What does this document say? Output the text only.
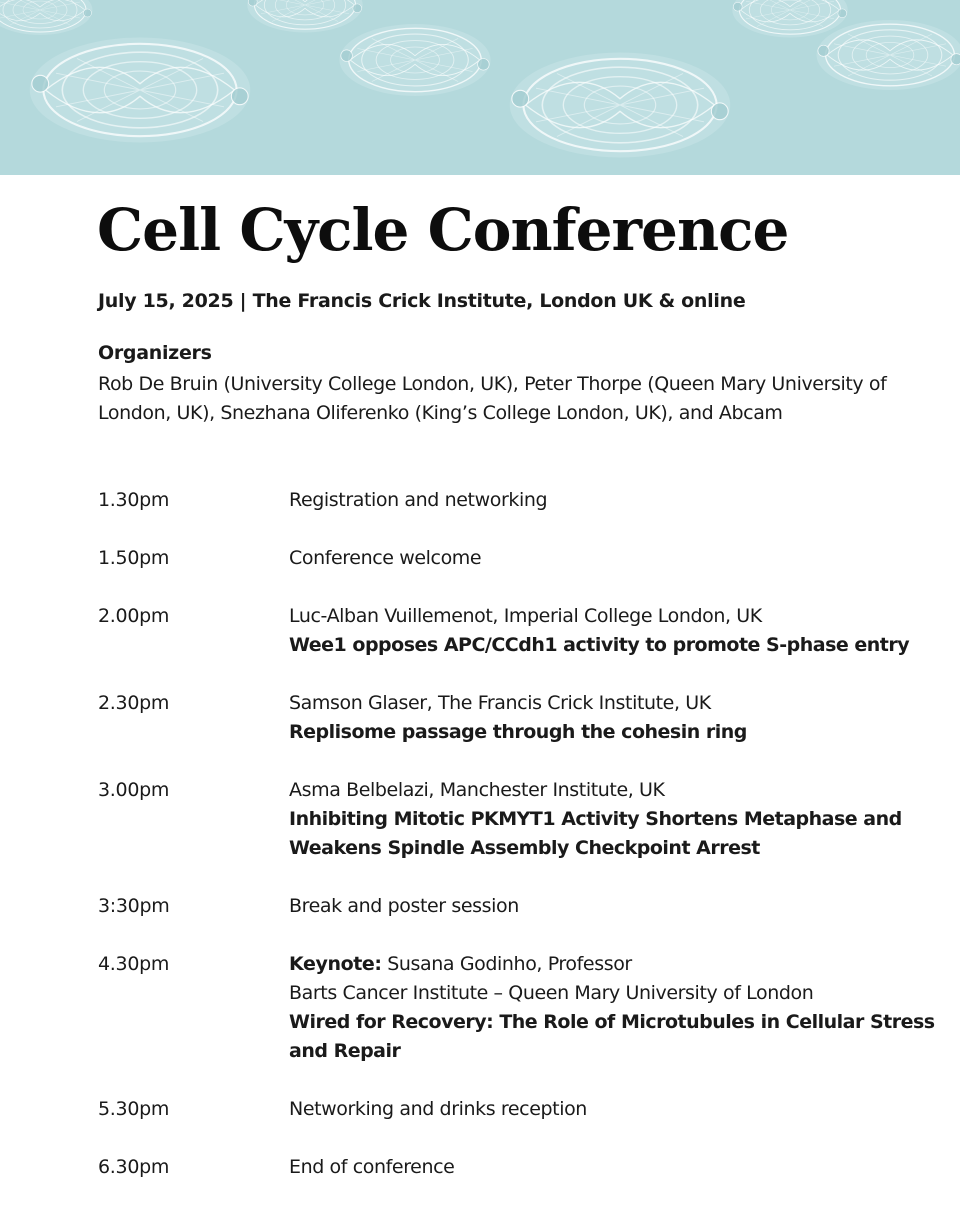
Cell Cycle Conference
July 15, 2025 | The Francis Crick Institute, London UK & online
Organizers
Rob De Bruin (University College London, UK), Peter Thorpe (Queen Mary University of London, UK), Snezhana Oliferenko (King’s College London, UK), and Abcam
1.30pm	Registration and networking
1.50pm	Conference welcome
2.00pm	Luc-Alban Vuillemenot, Imperial College London, UK
Wee1 opposes APC/CCdh1 activity to promote S-phase entry
2.30pm	Samson Glaser, The Francis Crick Institute, UK
Replisome passage through the cohesin ring
3.00pm	Asma Belbelazi, Manchester Institute, UK
Inhibiting Mitotic PKMYT1 Activity Shortens Metaphase and Weakens Spindle Assembly Checkpoint Arrest
3:30pm	Break and poster session
4.30pm	Keynote: Susana Godinho, Professor
Barts Cancer Institute – Queen Mary University of London
Wired for Recovery: The Role of Microtubules in Cellular Stress and Repair
5.30pm	Networking and drinks reception
6.30pm	End of conference
